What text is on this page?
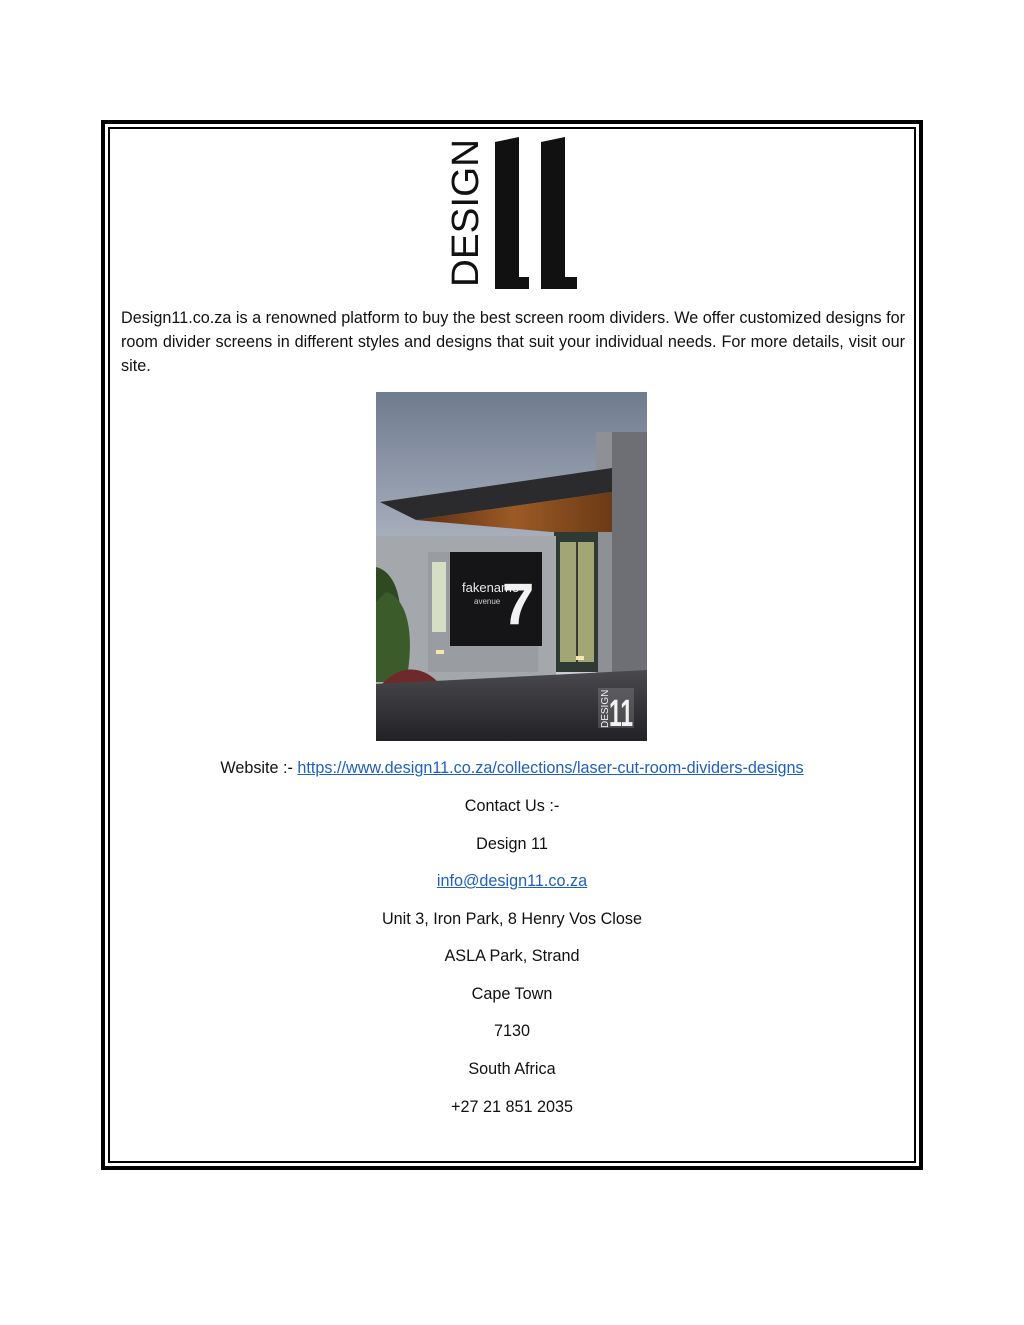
DESIGN

Design11.co.za is a renowned platform to buy the best screen room dividers. We offer customized designs for room divider screens in different styles and designs that suit your individual needs. For more details, visit our site.

fakename
avenue 7
DESIGN
11

Website :- https://www.design11.co.za/collections/laser-cut-room-dividers-designs

Contact Us :-

Design 11

info@design11.co.za

Unit 3, Iron Park, 8 Henry Vos Close

ASLA Park, Strand

Cape Town

7130

South Africa

+27 21 851 2035
